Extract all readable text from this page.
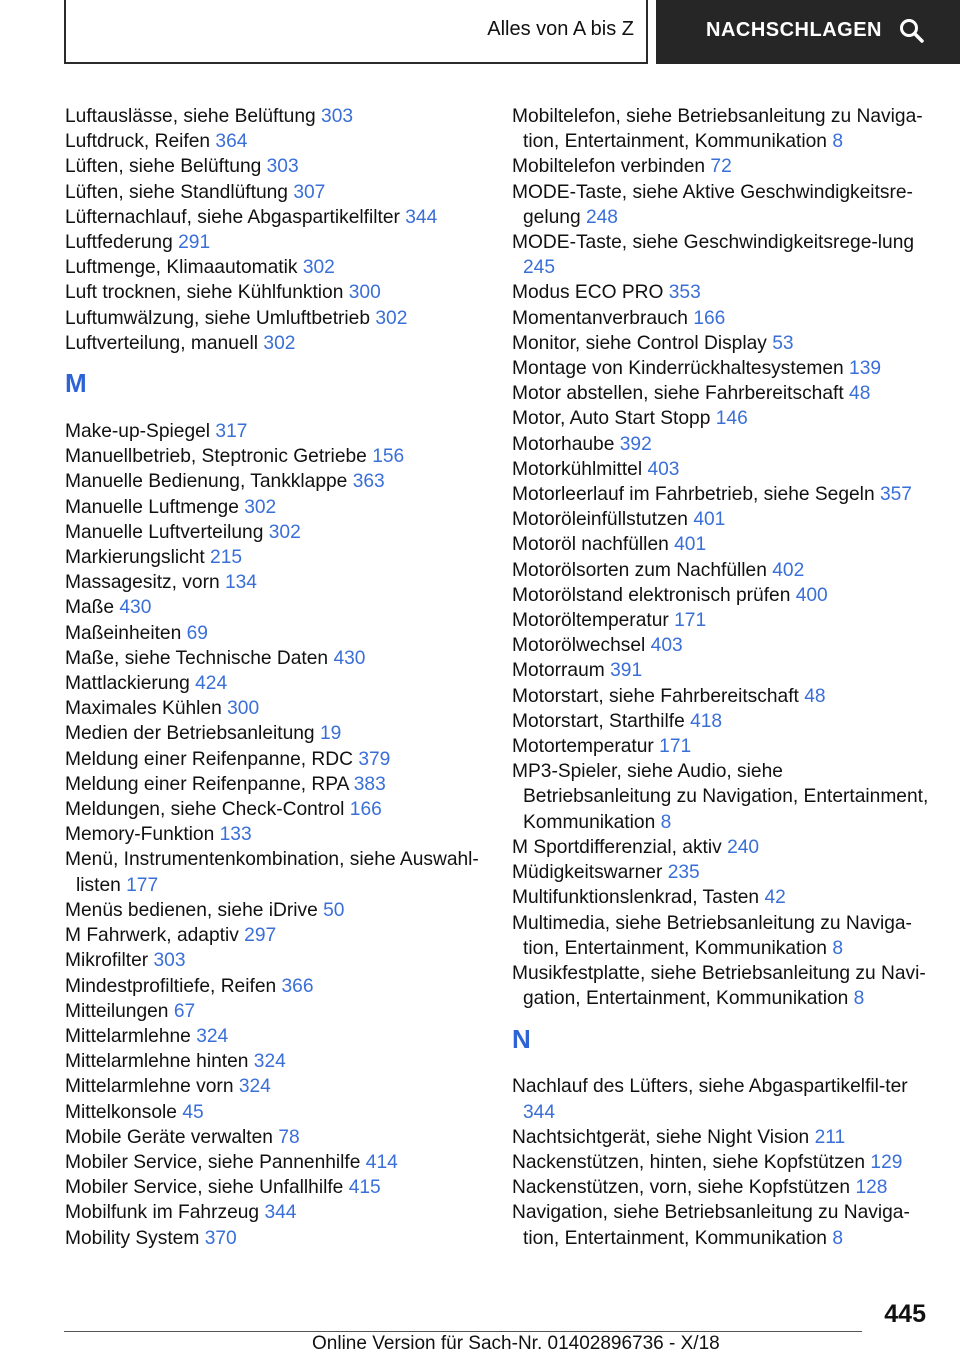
Alles von A bis Z	NACHSCHLAGEN
Luftauslässe, siehe Belüftung 303
Luftdruck, Reifen 364
Lüften, siehe Belüftung 303
Lüften, siehe Standlüftung 307
Lüfternachlauf, siehe Abgaspartikelfilter 344
Luftfederung 291
Luftmenge, Klimaautomatik 302
Luft trocknen, siehe Kühlfunktion 300
Luftumwälzung, siehe Umluftbetrieb 302
Luftverteilung, manuell 302
M
Make-up-Spiegel 317
Manuellbetrieb, Steptronic Getriebe 156
Manuelle Bedienung, Tankklappe 363
Manuelle Luftmenge 302
Manuelle Luftverteilung 302
Markierungslicht 215
Massagesitz, vorn 134
Maße 430
Maßeinheiten 69
Maße, siehe Technische Daten 430
Mattlackierung 424
Maximales Kühlen 300
Medien der Betriebsanleitung 19
Meldung einer Reifenpanne, RDC 379
Meldung einer Reifenpanne, RPA 383
Meldungen, siehe Check-Control 166
Memory-Funktion 133
Menü, Instrumentenkombination, siehe Auswahl-listen 177
Menüs bedienen, siehe iDrive 50
M Fahrwerk, adaptiv 297
Mikrofilter 303
Mindestprofiltiefe, Reifen 366
Mitteilungen 67
Mittelarmlehne 324
Mittelarmlehne hinten 324
Mittelarmlehne vorn 324
Mittelkonsole 45
Mobile Geräte verwalten 78
Mobiler Service, siehe Pannenhilfe 414
Mobiler Service, siehe Unfallhilfe 415
Mobilfunk im Fahrzeug 344
Mobility System 370
Mobiltelefon, siehe Betriebsanleitung zu Naviga-tion, Entertainment, Kommunikation 8
Mobiltelefon verbinden 72
MODE-Taste, siehe Aktive Geschwindigkeitsre-gelung 248
MODE-Taste, siehe Geschwindigkeitsrege-lung 245
Modus ECO PRO 353
Momentanverbrauch 166
Monitor, siehe Control Display 53
Montage von Kinderrückhaltesystemen 139
Motor abstellen, siehe Fahrbereitschaft 48
Motor, Auto Start Stopp 146
Motorhaube 392
Motorkühlmittel 403
Motorleerlauf im Fahrbetrieb, siehe Segeln 357
Motoröleinfüllstutzen 401
Motoröl nachfüllen 401
Motorölsorten zum Nachfüllen 402
Motorölstand elektronisch prüfen 400
Motoröltemperatur 171
Motorölwechsel 403
Motorraum 391
Motorstart, siehe Fahrbereitschaft 48
Motorstart, Starthilfe 418
Motortemperatur 171
MP3-Spieler, siehe Audio, siehe Betriebsanleitung zu Navigation, Entertainment, Kommunikation 8
M Sportdifferenzial, aktiv 240
Müdigkeitswarner 235
Multifunktionslenkrad, Tasten 42
Multimedia, siehe Betriebsanleitung zu Naviga-tion, Entertainment, Kommunikation 8
Musikfestplatte, siehe Betriebsanleitung zu Navi-gation, Entertainment, Kommunikation 8
N
Nachlauf des Lüfters, siehe Abgaspartikelfil-ter 344
Nachtsichtgerät, siehe Night Vision 211
Nackenstützen, hinten, siehe Kopfstützen 129
Nackenstützen, vorn, siehe Kopfstützen 128
Navigation, siehe Betriebsanleitung zu Naviga-tion, Entertainment, Kommunikation 8
445
Online Version für Sach-Nr. 01402896736 - X/18
